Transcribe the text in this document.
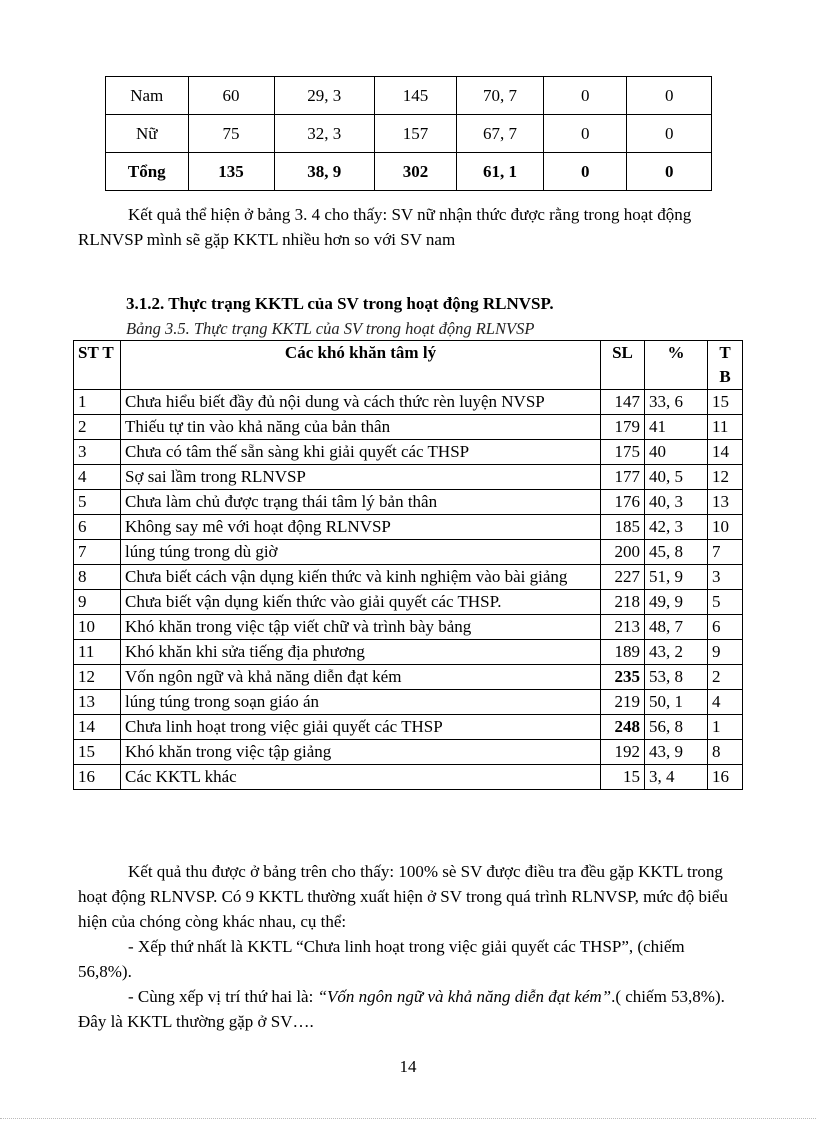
Nam	60	29, 3	145	70, 7	0	0
Nữ	75	32, 3	157	67, 7	0	0
Tổng	135	38, 9	302	61, 1	0	0

Kết quả thể hiện ở bảng 3. 4 cho thấy: SV nữ nhận thức được rằng trong hoạt động RLNVSP mình sẽ gặp KKTL nhiều hơn so với SV nam

3.1.2. Thực trạng KKTL của SV trong hoạt động RLNVSP.
Bảng 3.5. Thực trạng KKTL của SV trong hoạt động RLNVSP
ST T	Các khó khăn tâm lý	SL	%	T B
1	Chưa hiểu biết đầy đủ nội dung và cách thức rèn luyện NVSP	147	33, 6	15
2	Thiếu tự tin vào khả năng của bản thân	179	41	11
3	Chưa có tâm thế sẵn sàng khi giải quyết các THSP	175	40	14
4	Sợ sai lầm trong RLNVSP	177	40, 5	12
5	Chưa làm chủ được trạng thái tâm lý bản thân	176	40, 3	13
6	Không say mê với hoạt động RLNVSP	185	42, 3	10
7	lúng túng trong dù giờ	200	45, 8	7
8	Chưa biết cách vận dụng kiến thức và kinh nghiệm vào bài giảng	227	51, 9	3
9	Chưa biết vận dụng kiến thức vào giải quyết các THSP.	218	49, 9	5
10	Khó khăn trong việc tập viết chữ và trình bày bảng	213	48, 7	6
11	Khó khăn khi sửa tiếng địa phương	189	43, 2	9
12	Vốn ngôn ngữ và khả năng diễn đạt kém	235	53, 8	2
13	lúng túng trong soạn giáo án	219	50, 1	4
14	Chưa linh hoạt trong việc giải quyết các THSP	248	56, 8	1
15	Khó khăn trong việc tập giảng	192	43, 9	8
16	Các KKTL khác	15	3, 4	16
Kết quả thu được ở bảng trên cho thấy: 100% sè SV được điều tra đều gặp KKTL trong hoạt động RLNVSP. Có 9 KKTL thường xuất hiện ở SV trong quá trình RLNVSP, mức độ biểu hiện của chóng còng khác nhau, cụ thể:
- Xếp thứ nhất là KKTL “Chưa linh hoạt trong việc giải quyết các THSP”, (chiếm 56,8%).
- Cùng xếp vị trí thứ hai là: “Vốn ngôn ngữ và khả năng diễn đạt kém”.( chiếm 53,8%). Đây là KKTL thường gặp ở SV….
14
